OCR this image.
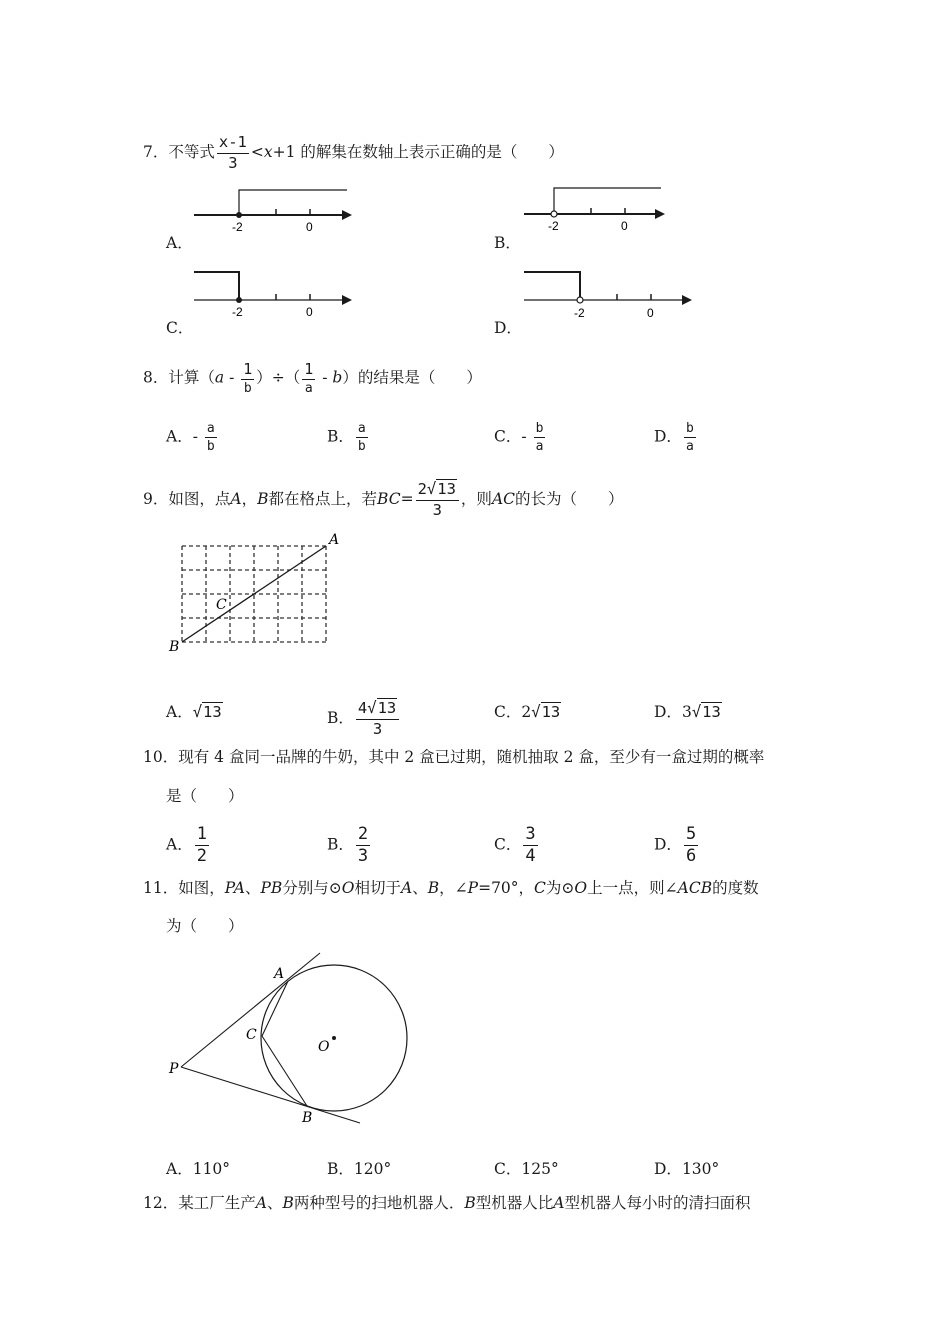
7．不等式 $\frac{x-1}{3} <x+1$ 的解集在数轴上表示正确的是（　　）
A．
-2	0
B．
-2	0
C．
-2	0
D．
-2	0
8．计算（$a - \frac{1}{b}$ ）÷（ $\frac{1}{a} - b$）的结果是（　　）
A．- $\frac{a}{b}$	B． $\frac{a}{b}$	C．- $\frac{b}{a}$	D． $\frac{b}{a}$
9．如图，点A，B都在格点上，若$BC= \frac{2√13}{3}$ ，则AC的长为（　　）
A
B
C
A．√13	B． $\frac{4√13}{3}$	C．2√13	D．3√13
10．现有 4 盒同一品牌的牛奶，其中 2 盒已过期，随机抽取 2 盒，至少有一盒过期的概率
是（　　）
A． $\frac{1}{2}$	B． $\frac{2}{3}$	C． $\frac{3}{4}$	D． $\frac{5}{6}$
11．如图，PA、PB分别与⊙O相切于A、B，∠P=70°，C为⊙O上一点，则∠ACB的度数
为（　　）
A
C
O
P
B
A．110°	B．120°	C．125°	D．130°
12．某工厂生产A、B两种型号的扫地机器人．B型机器人比A型机器人每小时的清扫面积
